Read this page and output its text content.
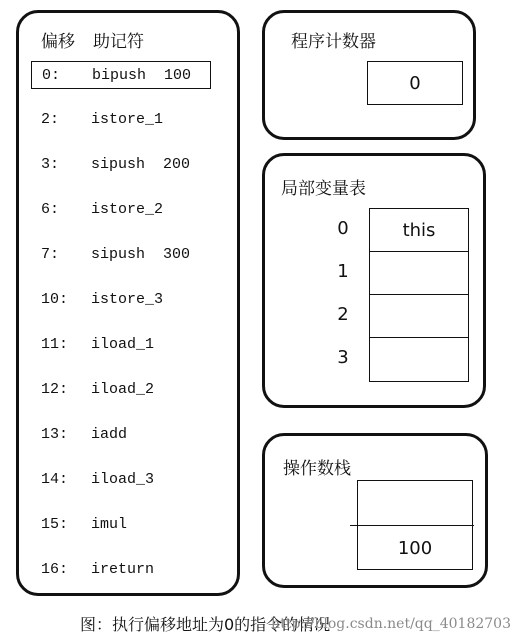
偏移 助记符
0: bipush  100
2: istore_1
3: sipush  200
6: istore_2
7: sipush  300
10: istore_3
11: iload_1
12: iload_2
13: iadd
14: iload_3
15: imul
16: ireturn
程序计数器
0
局部变量表
this
0
1
2
3
操作数栈
100
图：执行偏移地址为0的指令的情况
http://blog.csdn.net/qq_40182703
